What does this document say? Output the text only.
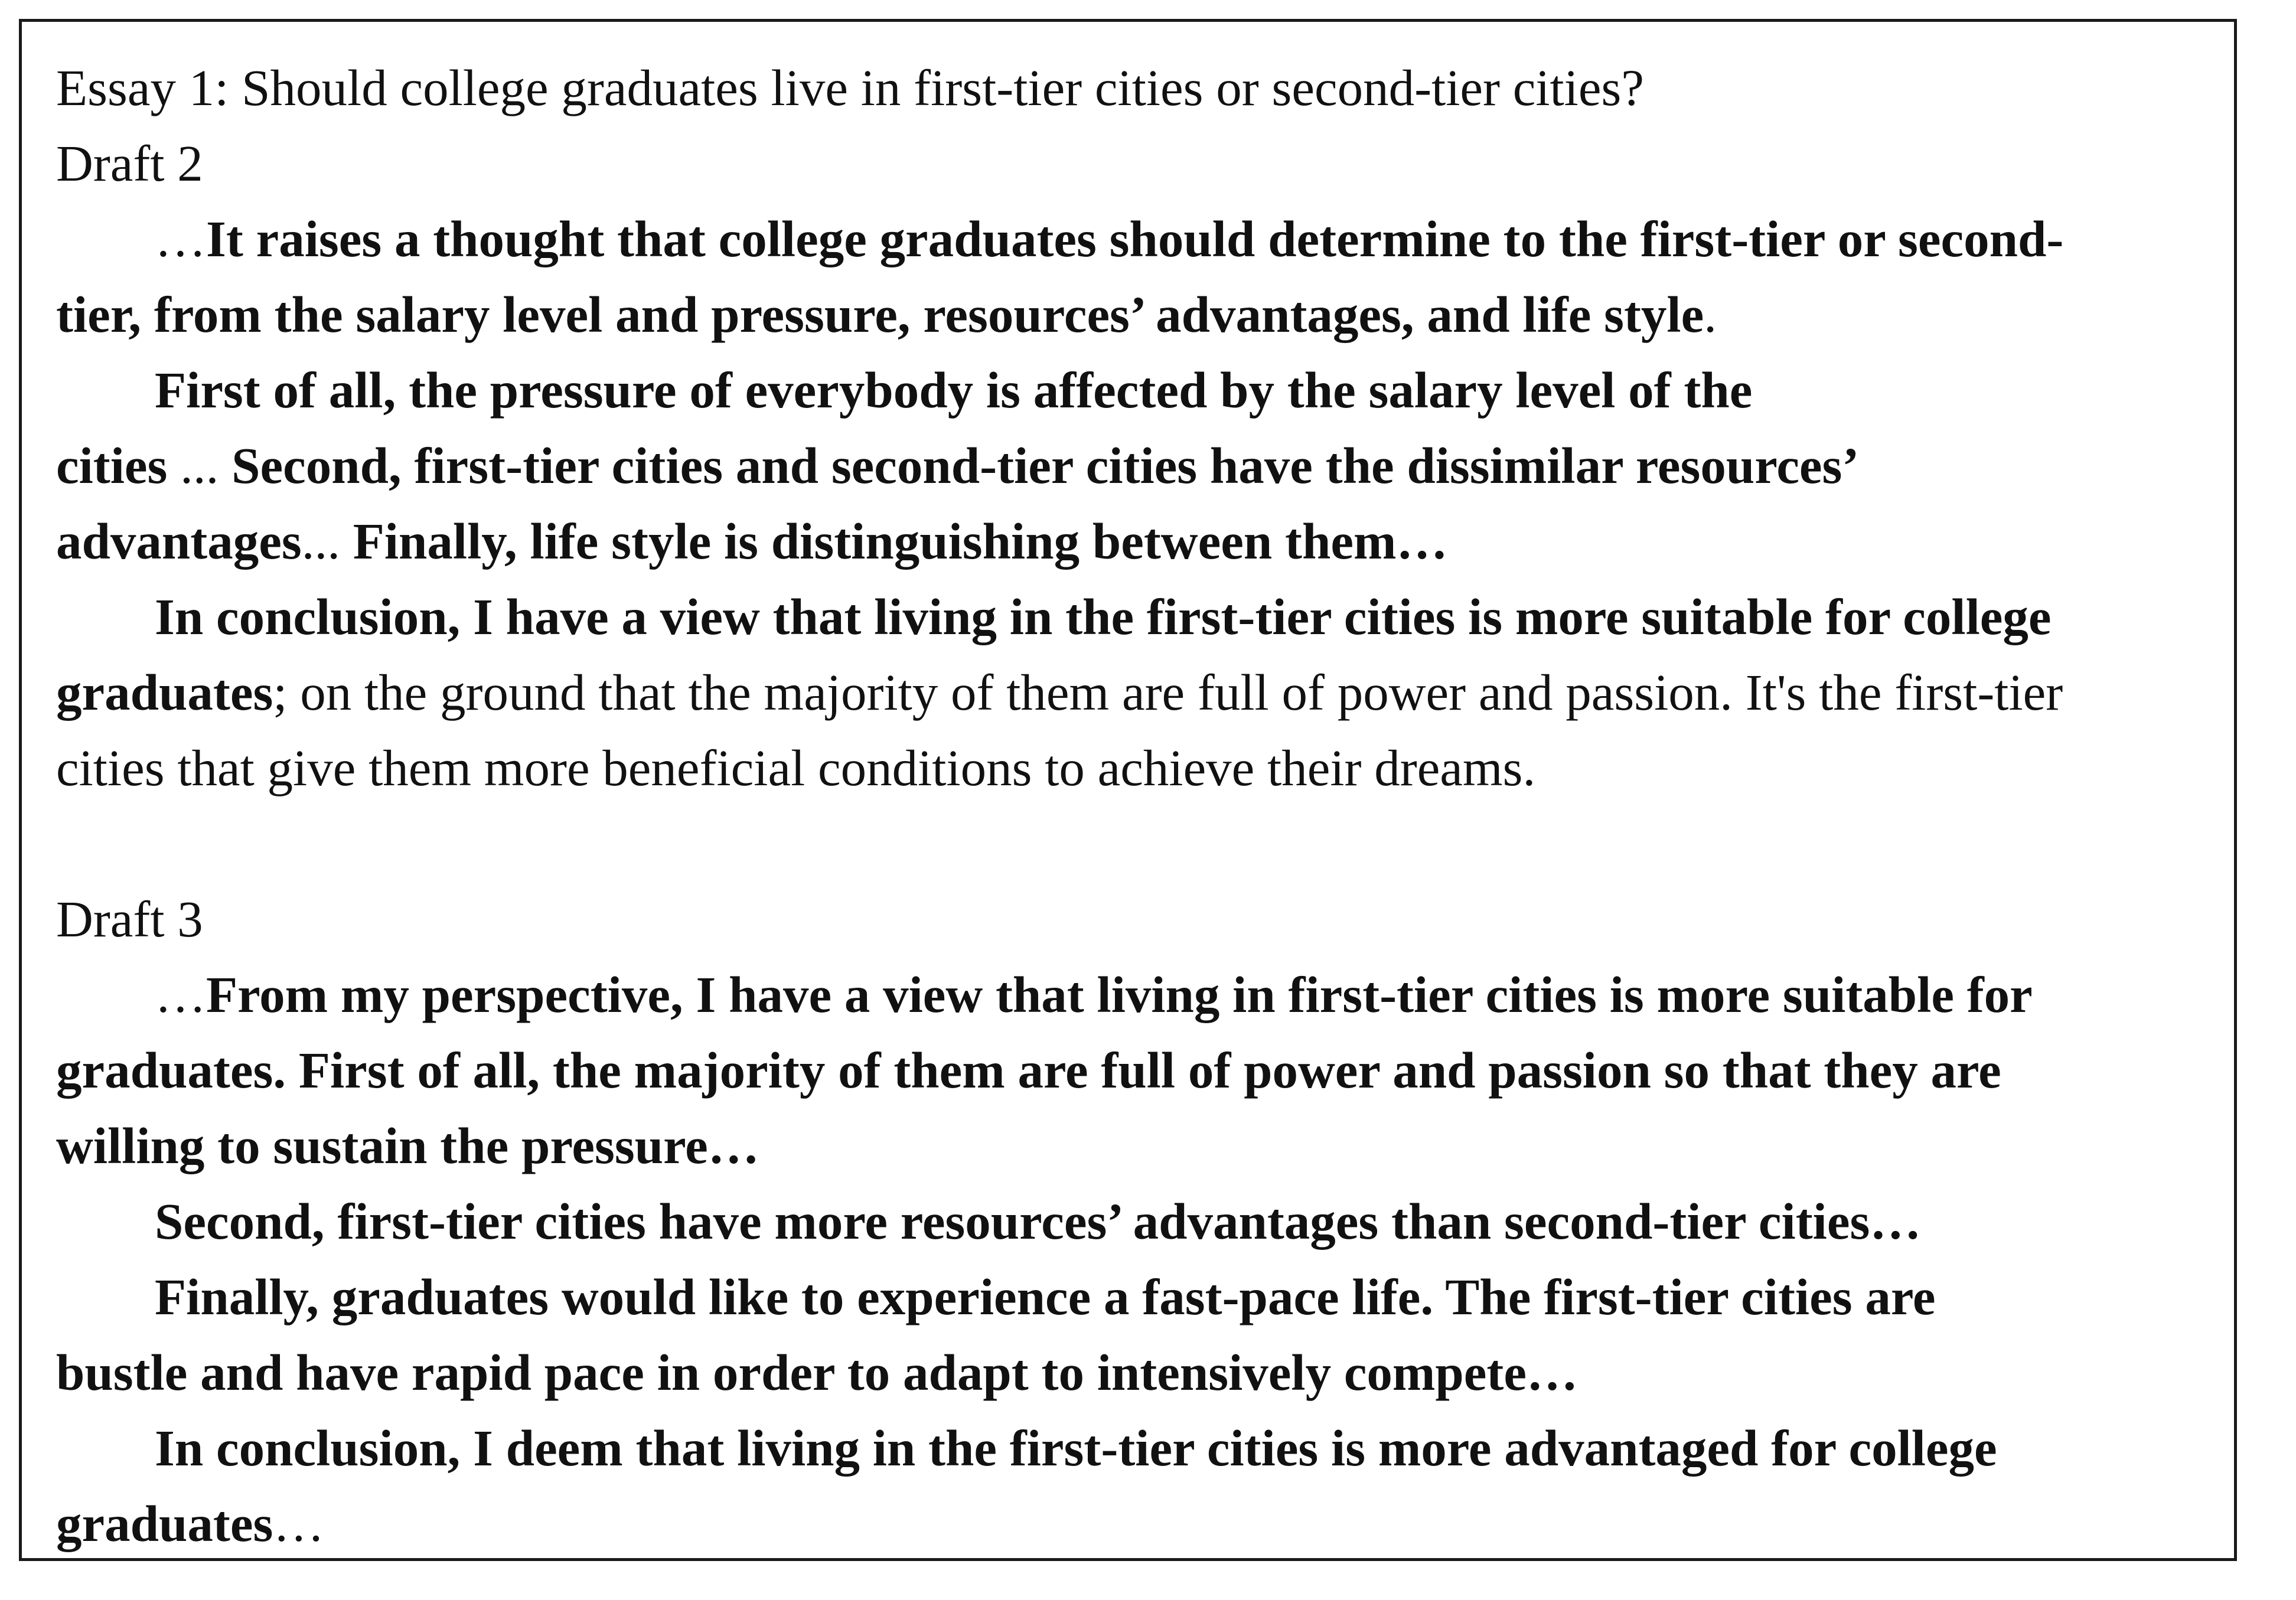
Essay 1: Should college graduates live in first-tier cities or second-tier cities?
Draft 2
…It raises a thought that college graduates should determine to the first-tier or second-
tier, from the salary level and pressure, resources’ advantages, and life style.
First of all, the pressure of everybody is affected by the salary level of the
cities ... Second, first-tier cities and second-tier cities have the dissimilar resources’
advantages... Finally, life style is distinguishing between them…
In conclusion, I have a view that living in the first-tier cities is more suitable for college
graduates; on the ground that the majority of them are full of power and passion. It's the first-tier
cities that give them more beneficial conditions to achieve their dreams.
Draft 3
…From my perspective, I have a view that living in first-tier cities is more suitable for
graduates. First of all, the majority of them are full of power and passion so that they are
willing to sustain the pressure…
Second, first-tier cities have more resources’ advantages than second-tier cities…
Finally, graduates would like to experience a fast-pace life. The first-tier cities are
bustle and have rapid pace in order to adapt to intensively compete…
In conclusion, I deem that living in the first-tier cities is more advantaged for college
graduates…
